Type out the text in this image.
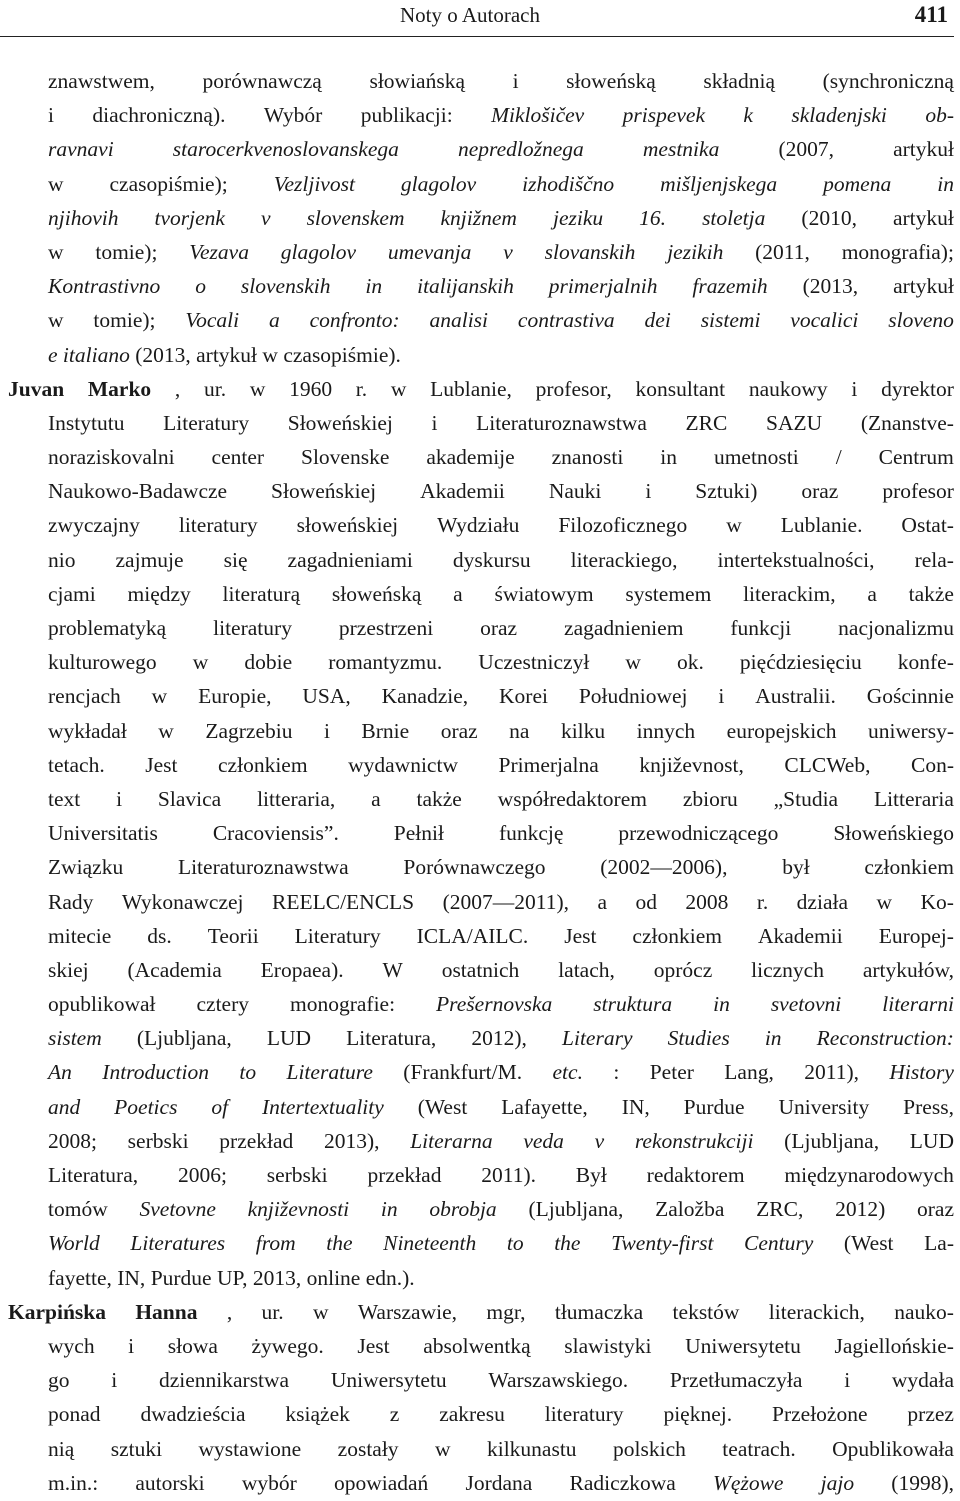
Noty o Autorach	411
znawstwem, porównawczą słowiańską i słoweńską składnią (synchroniczną
i diachroniczną). Wybór publikacji: Miklošičev prispevek k skladenjski ob-
ravnavi	starocerkvenoslovanskega	nepredložnega	mestnika	(2007,	artykuł
w czasopiśmie); Vezljivost glagolov izhodiščno mišljenjskega pomena in
njihovih tvorjenk v slovenskem knjižnem jeziku 16. stoletja (2010, artykuł
w tomie); Vezava glagolov umevanja v slovanskih jezikih (2011, monografia);
Kontrastivno o slovenskih in italijanskih primerjalnih frazemih (2013, artykuł
w tomie); Vocali a confronto: analisi contrastiva dei sistemi vocalici sloveno
e italiano (2013, artykuł w czasopiśmie).
Juvan Marko , ur. w 1960 r. w Lublanie, profesor, konsultant naukowy i dyrektor
Instytutu Literatury Słoweńskiej i Literaturoznawstwa ZRC SAZU (Znanstve-
noraziskovalni center Slovenske akademije znanosti in umetnosti / Centrum
Naukowo-Badawcze Słoweńskiej Akademii Nauki i Sztuki) oraz profesor
zwyczajny literatury słoweńskiej Wydziału Filozoficznego w Lublanie. Ostat-
nio zajmuje się zagadnieniami dyskursu literackiego, intertekstualności, rela-
cjami między literaturą słoweńską a światowym systemem literackim, a także
problematyką literatury przestrzeni oraz zagadnieniem funkcji nacjonalizmu
kulturowego w dobie romantyzmu. Uczestniczył w ok. pięćdziesięciu konfe-
rencjach w Europie, USA, Kanadzie, Korei Południowej i Australii. Gościnnie
wykładał w Zagrzebiu i Brnie oraz na kilku innych europejskich uniwersy-
tetach. Jest członkiem wydawnictw Primerjalna književnost, CLCWeb, Con-
text i Slavica litteraria, a także współredaktorem zbioru „Studia Litteraria
Universitatis	Cracoviensis”.	Pełnił	funkcję	przewodniczącego	Słoweńskiego
Związku	Literaturoznawstwa	Porównawczego	(2002—2006),	był	członkiem
Rady Wykonawczej REELC/ENCLS (2007—2011), a od 2008 r. działa w Ko-
mitecie ds. Teorii Literatury ICLA/AILC. Jest członkiem Akademii Europej-
skiej (Academia Eropaea). W ostatnich latach, oprócz licznych artykułów,
opublikował cztery monografie: Prešernovska struktura in svetovni literarni
sistem (Ljubljana, LUD Literatura, 2012), Literary Studies in Reconstruction:
An Introduction to Literature (Frankfurt/M. etc. : Peter Lang, 2011), History
and Poetics of Intertextuality (West Lafayette, IN, Purdue University Press,
2008; serbski przekład 2013), Literarna veda v rekonstrukciji (Ljubljana, LUD
Literatura, 2006; serbski przekład 2011). Był redaktorem międzynarodowych
tomów Svetovne književnosti in obrobja (Ljubljana, Založba ZRC, 2012) oraz
World Literatures from the Nineteenth to the Twenty-first Century (West La-
fayette, IN, Purdue UP, 2013, online edn.).
Karpińska Hanna , ur. w Warszawie, mgr, tłumaczka tekstów literackich, nauko-
wych i słowa żywego. Jest absolwentką slawistyki Uniwersytetu Jagiellońskie-
go i dziennikarstwa Uniwersytetu Warszawskiego. Przetłumaczyła i wydała
ponad dwadzieścia książek z zakresu literatury pięknej. Przełożone przez
nią sztuki wystawione zostały w kilkunastu polskich teatrach. Opublikowała
m.in.: autorski wybór opowiadań Jordana Radiczkowa Wężowe jajo (1998),
